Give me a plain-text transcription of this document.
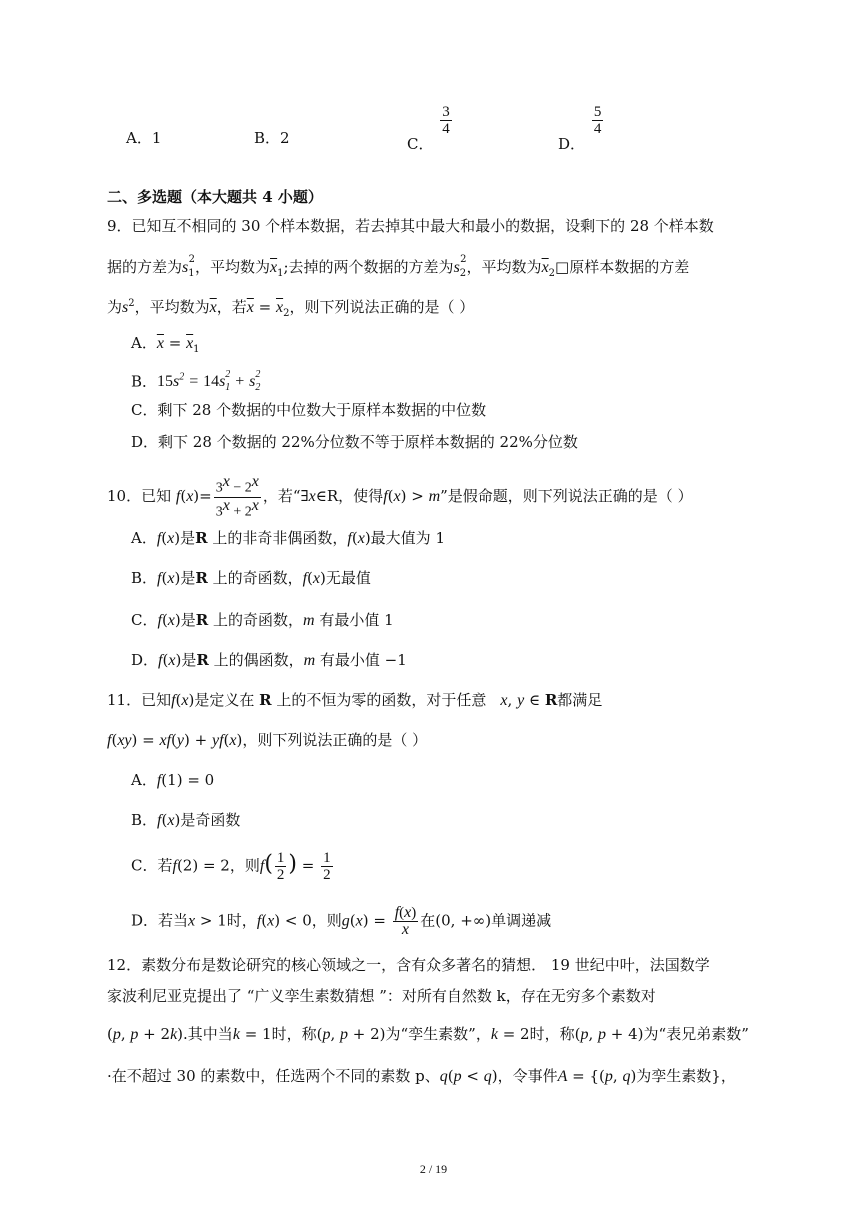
A．1	B．2	C．
$\frac{3}{4}$
D．
$\frac{5}{4}$
二、多选题（本大题共 4 小题）
9．已知互不相同的 30 个样本数据，若去掉其中最大和最小的数据，设剩下的 28 个样本数
据的方差为$s_1^2$，平均数为$\overline{x}_1$;去掉的两个数据的方差为$s_2^2$，平均数为$\overline{x}_2□$原样本数据的方差
为$s^2$，平均数为$\overline{x}$，若$\overline{x} = \overline{x}_2$，则下列说法正确的是（ ）
A．$\overline{x} = \overline{x}_1$
B．$15s^2 = 14s_1^2 + s_2^2$
C．剩下 28 个数据的中位数大于原样本数据的中位数
D．剩下 28 个数据的 22%分位数不等于原样本数据的 22%分位数
10．已知 $f(x)= \frac{3^x - 2^x}{3^x + 2^x}$ ，若“∃x∈R，使得f(x) > m”是假命题，则下列说法正确的是（ ）
A．f(x)是R 上的非奇非偶函数，f(x)最大值为 1
B．f(x)是R 上的奇函数，f(x)无最值
C．f(x)是R 上的奇函数，m 有最小值 1
D．f(x)是R 上的偶函数，m 有最小值 −1
11．已知f(x)是定义在 R 上的不恒为零的函数，对于任意 x, y ∈ R都满足
f(xy) = xf(y) + yf(x)，则下列说法正确的是（ ）
A．f(1) = 0
B．f(x)是奇函数
C．若f(2) = 2，则$f( \frac{1}{2}$ ) = $\frac{1}{2}$
D．若当x > 1时，f(x) < 0，则$g(x) = \frac{f(x)}{x}$ 在(0, +∞)单调递减
12．素数分布是数论研究的核心领域之一，含有众多著名的猜想． 19 世纪中叶，法国数学
家波利尼亚克提出了 “广义孪生素数猜想 ”：对所有自然数 k，存在无穷多个素数对
(p, p + 2k).其中当k = 1时，称(p, p + 2)为“孪生素数”，k = 2时，称(p, p + 4)为“表兄弟素数”
·在不超过 30 的素数中，任选两个不同的素数 p、q(p < q)，令事件A = {(p, q)为孪生素数}，
2 / 19
